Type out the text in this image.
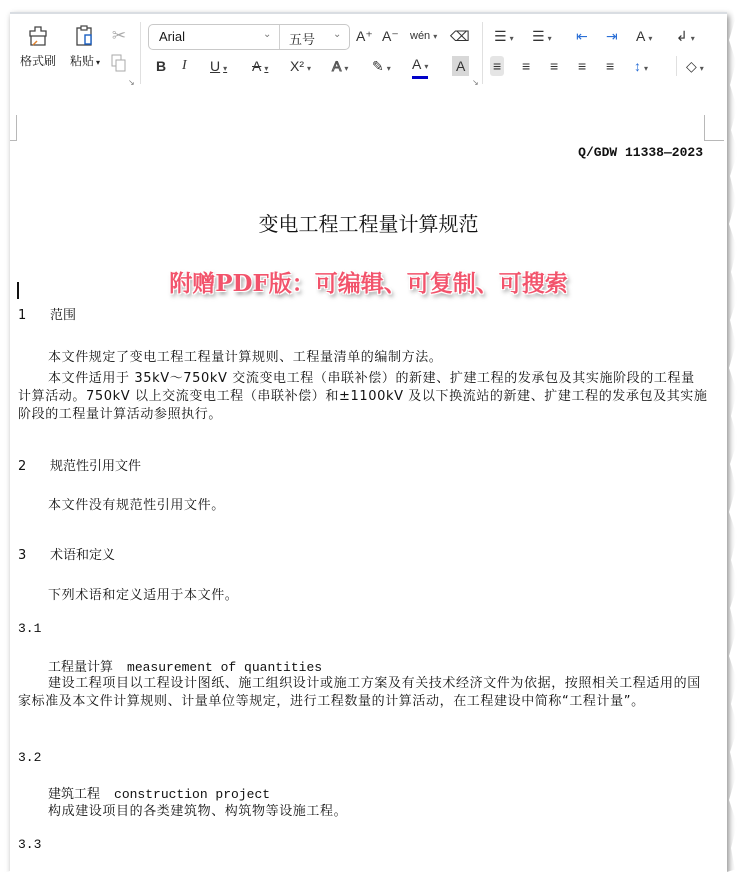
格式刷	粘贴 ▾
✂
↘
Arial	⌄ 五号 ⌄ A⁺ A⁻ wén ▾ ⌫
B I U ▾ A ▾ X² ▾ A ▾ ✎ ▾ A ▾ A
↘
☰ ▾ ☰ ▾ ⇤ ⇥ A ▾ ↲ ▾
≡ ≡ ≡ ≡ ≡ ↕ ▾	◇ ▾
Q/GDW 11338—2023
变电工程工程量计算规范
附赠PDF版：可编辑、可复制、可搜索
1 范围
本文件规定了变电工程工程量计算规则、工程量清单的编制方法。
本文件适用于 35kV～750kV 交流变电工程（串联补偿）的新建、扩建工程的发承包及其实施阶段的工程量计算活动。750kV 以上交流变电工程（串联补偿）和±1100kV 及以下换流站的新建、扩建工程的发承包及其实施阶段的工程量计算活动参照执行。
2 规范性引用文件
本文件没有规范性引用文件。
3 术语和定义
下列术语和定义适用于本文件。
3.1
工程量计算 measurement of quantities
建设工程项目以工程设计图纸、施工组织设计或施工方案及有关技术经济文件为依据，按照相关工程适用的国家标准及本文件计算规则、计量单位等规定，进行工程数量的计算活动，在工程建设中简称“工程计量”。
3.2
建筑工程 construction project
构成建设项目的各类建筑物、构筑物等设施工程。
3.3
